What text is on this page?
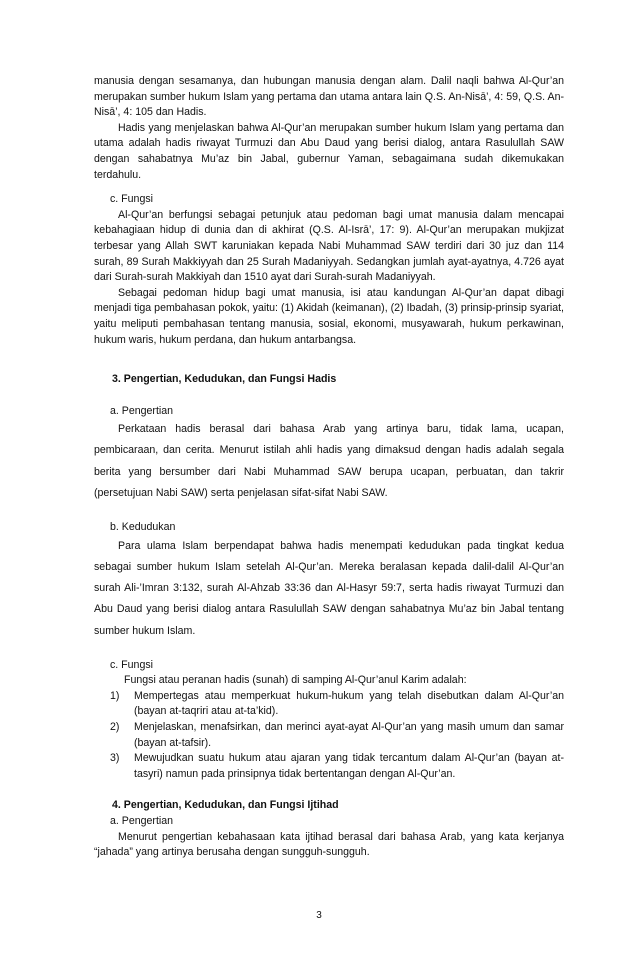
manusia dengan sesamanya, dan hubungan manusia dengan alam. Dalil naqli bahwa Al-Qur’an merupakan sumber hukum Islam yang pertama dan utama antara lain Q.S. An-Nisā’, 4: 59, Q.S. An-Nisā’, 4: 105 dan Hadis.

Hadis yang menjelaskan bahwa Al-Qur’an merupakan sumber hukum Islam yang pertama dan utama adalah hadis riwayat Turmuzi dan Abu Daud yang berisi dialog, antara Rasulullah SAW dengan sahabatnya Mu’az bin Jabal, gubernur Yaman, sebagaimana sudah dikemukakan terdahulu.

c. Fungsi

Al-Qur’an berfungsi sebagai petunjuk atau pedoman bagi umat manusia dalam mencapai kebahagiaan hidup di dunia dan di akhirat (Q.S. Al-Isrā’, 17: 9). Al-Qur’an merupakan mukjizat terbesar yang Allah SWT karuniakan kepada Nabi Muhammad SAW terdiri dari 30 juz dan 114 surah, 89 Surah Makkiyyah dan 25 Surah Madaniyyah. Sedangkan jumlah ayat-ayatnya, 4.726 ayat dari Surah-surah Makkiyah dan 1510 ayat dari Surah-surah Madaniyyah.

Sebagai pedoman hidup bagi umat manusia, isi atau kandungan Al-Qur’an dapat dibagi menjadi tiga pembahasan pokok, yaitu: (1) Akidah (keimanan), (2) Ibadah, (3) prinsip-prinsip syariat, yaitu meliputi pembahasan tentang manusia, sosial, ekonomi, musyawarah, hukum perkawinan, hukum waris, hukum perdana, dan hukum antarbangsa.

3. Pengertian, Kedudukan, dan Fungsi Hadis

a. Pengertian

Perkataan hadis berasal dari bahasa Arab yang artinya baru, tidak lama, ucapan, pembicaraan, dan cerita. Menurut istilah ahli hadis yang dimaksud dengan hadis adalah segala berita yang bersumber dari Nabi Muhammad SAW berupa ucapan, perbuatan, dan takrir (persetujuan Nabi SAW) serta penjelasan sifat-sifat Nabi SAW.

b. Kedudukan

Para ulama Islam berpendapat bahwa hadis menempati kedudukan pada tingkat kedua sebagai sumber hukum Islam setelah Al-Qur’an. Mereka beralasan kepada dalil-dalil Al-Qur’an surah Ali-’Imran 3:132, surah Al-Ahzab 33:36 dan Al-Hasyr 59:7, serta hadis riwayat Turmuzi dan Abu Daud yang berisi dialog antara Rasulullah SAW dengan sahabatnya Mu’az bin Jabal tentang sumber hukum Islam.

c. Fungsi

Fungsi atau peranan hadis (sunah) di samping Al-Qur’anul Karim adalah:

1)	Mempertegas atau memperkuat hukum-hukum yang telah disebutkan dalam Al-Qur’an (bayan at-taqriri atau at-ta’kid).
2)	Menjelaskan, menafsirkan, dan merinci ayat-ayat Al-Qur’an yang masih umum dan samar (bayan at-tafsir).
3)	Mewujudkan suatu hukum atau ajaran yang tidak tercantum dalam Al-Qur’an (bayan at-tasyri) namun pada prinsipnya tidak bertentangan dengan Al-Qur’an.

4. Pengertian, Kedudukan, dan Fungsi Ijtihad

a. Pengertian

Menurut pengertian kebahasaan kata ijtihad berasal dari bahasa Arab, yang kata kerjanya “jahada” yang artinya berusaha dengan sungguh-sungguh.

3
